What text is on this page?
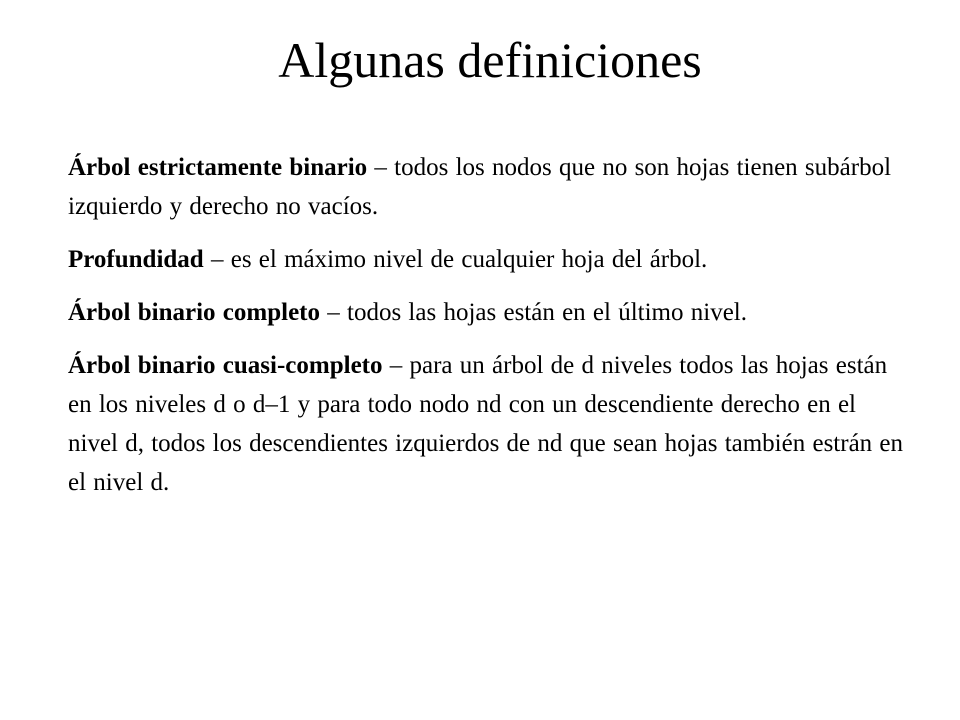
Algunas definiciones

Árbol estrictamente binario – todos los nodos que no son hojas tienen subárbol izquierdo y derecho no vacíos.

Profundidad – es el máximo nivel de cualquier hoja del árbol.

Árbol binario completo – todos las hojas están en el último nivel.

Árbol binario cuasi-completo – para un árbol de d niveles todos las hojas están en los niveles d o d–1 y para todo nodo nd con un descendiente derecho en el nivel d, todos los descendientes izquierdos de nd que sean hojas también estrán en el nivel d.
